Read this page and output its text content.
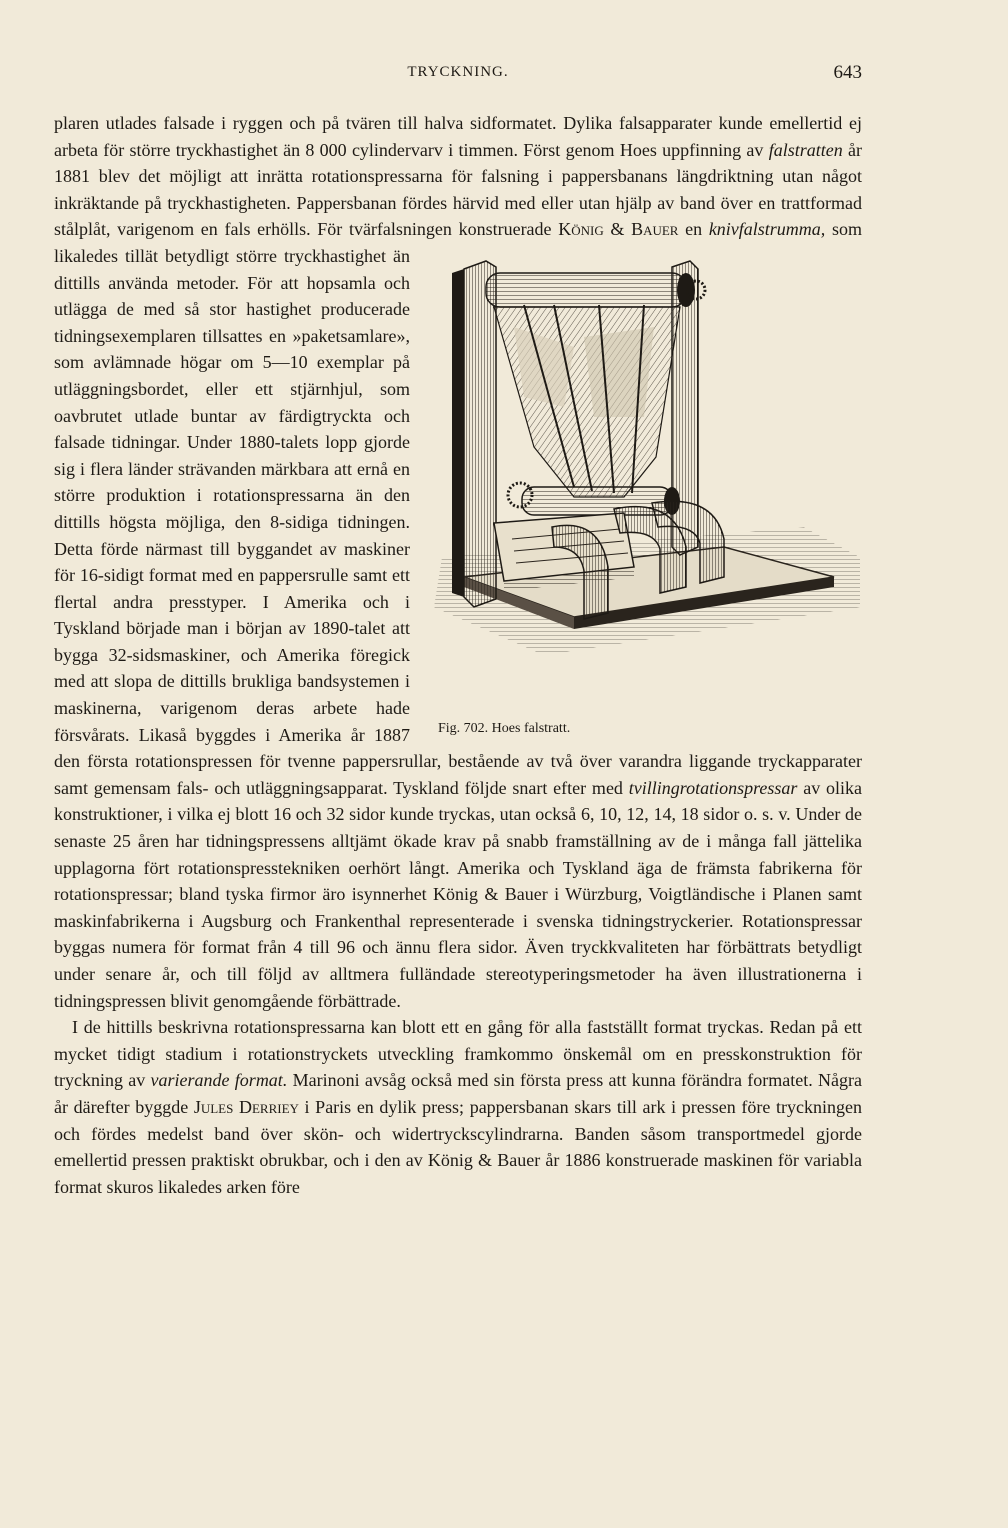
TRYCKNING.	643

plaren utlades falsade i ryggen och på tvären till halva sidformatet. Dylika falsapparater kunde emellertid ej arbeta för större tryckhastighet än 8 000 cylindervarv i timmen. Först genom Hoes uppfinning av falstratten år 1881 blev det möjligt att inrätta rotationspressarna för falsning i pappersbanans längdriktning utan något inkräktande på tryckhastigheten. Pappersbanan fördes härvid med eller utan hjälp av band över en trattformad stålplåt, varigenom en fals erhölls. För tvärfalsningen konstruerade König & Bauer en knivfalstrumma,
Fig. 702. Hoes falstratt.
som likaledes tillät betydligt större tryckhastighet än dittills använda metoder. För att hopsamla och utlägga de med så stor hastighet producerade tidningsexemplaren tillsattes en »paketsamlare», som avlämnade högar om 5—10 exemplar på utläggningsbordet, eller ett stjärnhjul, som oavbrutet utlade buntar av färdigtryckta och falsade tidningar. Under 1880-talets lopp gjorde sig i flera länder strävanden märkbara att ernå en större produktion i rotationspressarna än den dittills högsta möjliga, den 8-sidiga tidningen. Detta förde närmast till byggandet av maskiner för 16-sidigt format med en pappersrulle samt ett flertal andra presstyper. I Amerika och i Tyskland började man i början av 1890-talet att bygga 32-sidsmaskiner, och Amerika föregick med att slopa de dittills brukliga bandsystemen i maskinerna, varigenom deras arbete hade försvårats. Likaså byggdes i Amerika år 1887 den första rotationspressen för tvenne pappersrullar, bestående av två över varandra liggande tryckapparater samt gemensam fals- och utläggningsapparat. Tyskland följde snart efter med tvillingrotationspressar av olika konstruktioner, i vilka ej blott 16 och 32 sidor kunde tryckas, utan också 6, 10, 12, 14, 18 sidor o. s. v. Under de senaste 25 åren har tidningspressens alltjämt ökade krav på snabb framställning av de i många fall jättelika upplagorna fört rotationspresstekniken oerhört långt. Amerika och Tyskland äga de främsta fabrikerna för rotationspressar; bland tyska firmor äro isynnerhet König & Bauer i Würzburg, Voigtländische i Planen samt maskinfabrikerna i Augsburg och Frankenthal representerade i svenska tidningstryckerier. Rotationspressar byggas numera för format från 4 till 96 och ännu flera sidor. Även tryckkvaliteten har förbättrats betydligt under senare år, och till följd av alltmera fulländade stereotyperingsmetoder ha även illustrationerna i tidningspressen blivit genomgående förbättrade.

I de hittills beskrivna rotationspressarna kan blott ett en gång för alla fastställt format tryckas. Redan på ett mycket tidigt stadium i rotationstryckets utveckling framkommo önskemål om en presskonstruktion för tryckning av varierande format. Marinoni avsåg också med sin första press att kunna förändra formatet. Några år därefter byggde Jules Derriey i Paris en dylik press; pappersbanan skars till ark i pressen före tryckningen och fördes medelst band över skön- och widertryckscylindrarna. Banden såsom transportmedel gjorde emellertid pressen praktiskt obrukbar, och i den av König & Bauer år 1886 konstruerade maskinen för variabla format skuros likaledes arken före
